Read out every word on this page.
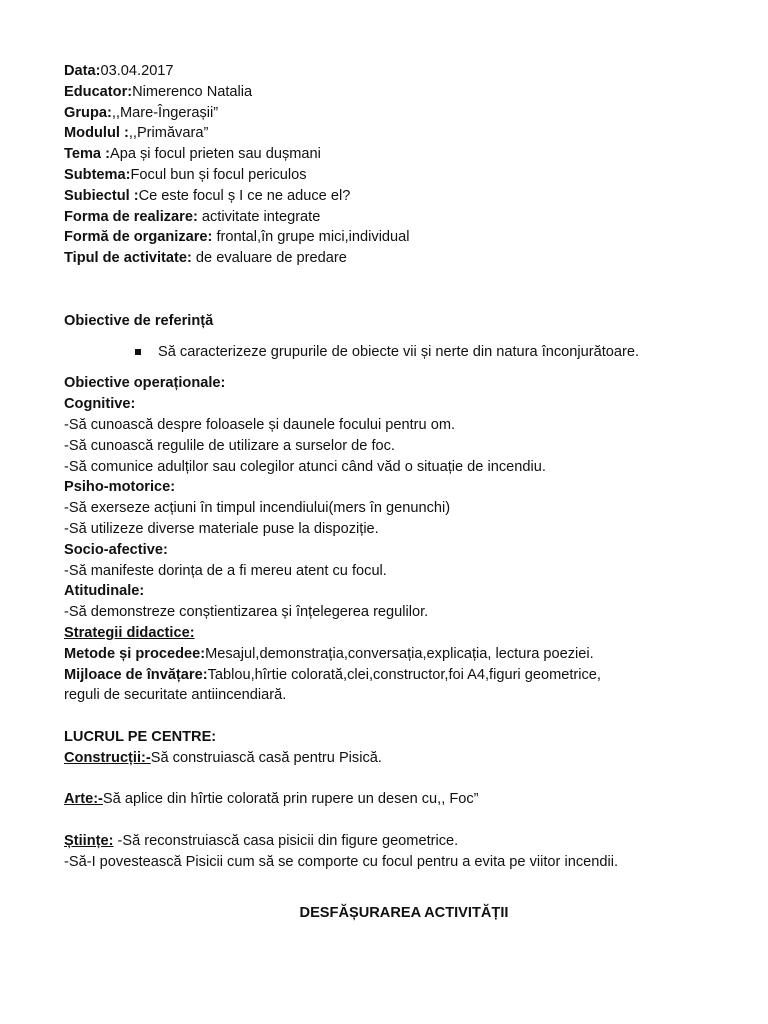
Data:03.04.2017
Educator:Nimerenco Natalia
Grupa:,,Mare-Îngerașii”
Modulul :,,Primăvara”
Tema :Apa și focul prieten sau dușmani
Subtema:Focul bun și focul periculos
Subiectul :Ce este focul ș I ce ne aduce el?
Forma de realizare: activitate integrate
Formă de organizare: frontal,în grupe mici,individual
Tipul de activitate: de evaluare de predare
Obiective de referință
Să caracterizeze grupurile de obiecte vii și nerte din natura înconjurătoare.
Obiective operaționale:
Cognitive:
-Să cunoască despre foloasele și daunele focului pentru om.
-Să cunoască regulile de utilizare a surselor de foc.
-Să comunice adulților sau colegilor atunci când văd o situație de incendiu.
Psiho-motorice:
-Să exerseze acțiuni în timpul incendiului(mers în genunchi)
-Să utilizeze diverse materiale puse la dispoziție.
Socio-afective:
-Să manifeste dorința de a fi mereu atent cu focul.
Atitudinale:
-Să demonstreze conștientizarea și înțelegerea regulilor.
Strategii didactice:
Metode și procedee:Mesajul,demonstrația,conversația,explicația, lectura poeziei.
Mijloace de învățare:Tablou,hîrtie colorată,clei,constructor,foi A4,figuri geometrice,
reguli de securitate antiincendiară.
LUCRUL PE CENTRE:
Construcții:-Să construiască casă pentru Pisică.
Arte:-Să aplice din hîrtie colorată prin rupere un desen cu,, Foc”
Științe: -Să reconstruiască casa pisicii din figure geometrice.
-Să-I povestească Pisicii cum să se comporte cu focul pentru a evita pe viitor incendii.
DESFĂȘURAREA ACTIVITĂȚII
